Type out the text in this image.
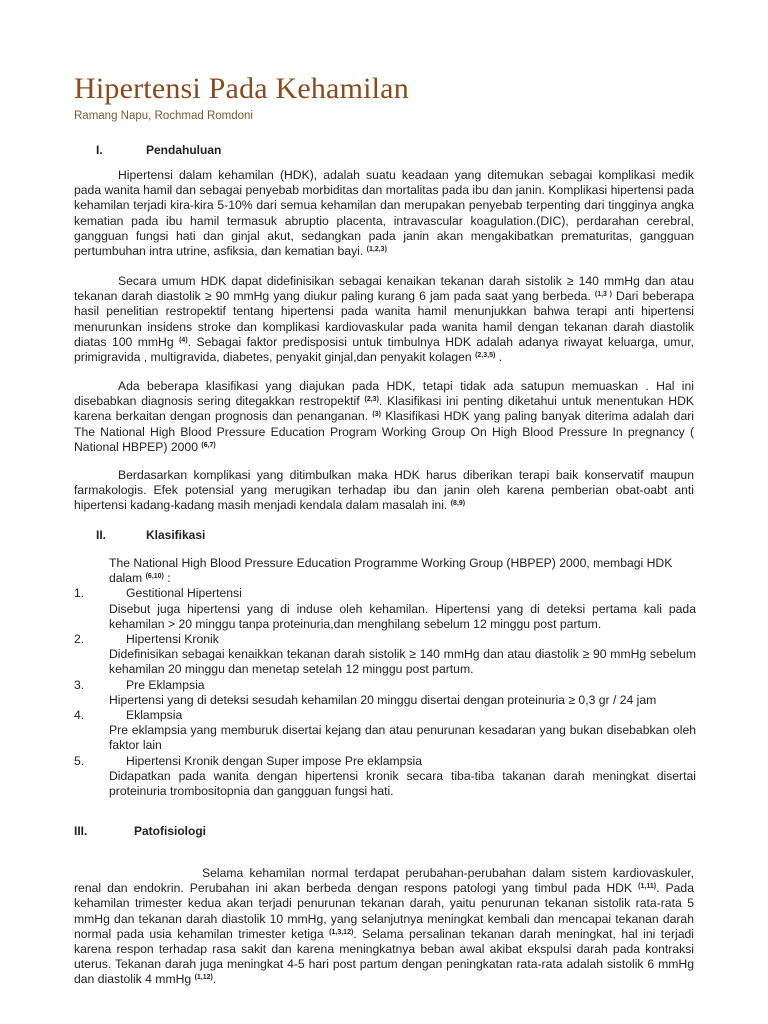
Hipertensi Pada Kehamilan
Ramang Napu, Rochmad Romdoni
I.	Pendahuluan

Hipertensi dalam kehamilan (HDK), adalah suatu keadaan yang ditemukan sebagai komplikasi medik pada wanita hamil dan sebagai penyebab morbiditas dan mortalitas pada ibu dan janin. Komplikasi hipertensi pada kehamilan terjadi kira-kira 5-10% dari semua kehamilan dan merupakan penyebab terpenting dari tingginya angka kematian pada ibu hamil termasuk abruptio placenta, intravascular koagulation.(DIC), perdarahan cerebral, gangguan fungsi hati dan ginjal akut, sedangkan pada janin akan mengakibatkan prematuritas, gangguan pertumbuhan intra utrine, asfiksia, dan kematian bayi. $^{(1,2,3)}$

Secara umum HDK dapat didefinisikan sebagai kenaikan tekanan darah sistolik ≥ 140 mmHg dan atau tekanan darah diastolik ≥ 90 mmHg yang diukur paling kurang 6 jam pada saat yang berbeda. $^{(1,3 )}$ Dari beberapa hasil penelitian restropektif tentang hipertensi pada wanita hamil menunjukkan bahwa terapi anti hipertensi menurunkan insidens stroke dan komplikasi kardiovaskular pada wanita hamil dengan tekanan darah diastolik diatas 100 mmHg $^{(4)}$. Sebagai faktor predisposisi untuk timbulnya HDK adalah adanya riwayat keluarga, umur, primigravida , multigravida, diabetes, penyakit ginjal,dan penyakit kolagen $^{(2,3,5)}$ .

Ada beberapa klasifikasi yang diajukan pada HDK, tetapi tidak ada satupun memuaskan . Hal ini disebabkan diagnosis sering ditegakkan restropektif $^{(2,3)}$. Klasifikasi ini penting diketahui untuk menentukan HDK karena berkaitan dengan prognosis dan penanganan. $^{(3)}$ Klasifikasi HDK yang paling banyak diterima adalah dari The National High Blood Pressure Education Program Working Group On High Blood Pressure In pregnancy ( National HBPEP) 2000 $^{(6,7)}$

Berdasarkan komplikasi yang ditimbulkan maka HDK harus diberikan terapi baik konservatif maupun farmakologis. Efek potensial yang merugikan terhadap ibu dan janin oleh karena pemberian obat-oabt anti hipertensi kadang-kadang masih menjadi kendala dalam masalah ini. $^{(8,9)}$

II.	Klasifikasi

The National High Blood Pressure Education Programme Working Group (HBPEP) 2000, membagi HDK dalam $^{(6,10)}$ :

1.	Gestitional Hipertensi

Disebut juga hipertensi yang di induse oleh kehamilan. Hipertensi yang di deteksi pertama kali pada kehamilan > 20 minggu tanpa proteinuria,dan menghilang sebelum 12 minggu post partum.

2.	Hipertensi Kronik

Didefinisikan sebagai kenaikkan tekanan darah sistolik ≥ 140 mmHg dan atau diastolik ≥ 90 mmHg sebelum kehamilan 20 minggu dan menetap setelah 12 minggu post partum.

3.	Pre Eklampsia

Hipertensi yang di deteksi sesudah kehamilan 20 minggu disertai dengan proteinuria ≥ 0,3 gr / 24 jam

4.	Eklampsia

Pre eklampsia yang memburuk disertai kejang dan atau penurunan kesadaran yang bukan disebabkan oleh faktor lain

5.	Hipertensi Kronik dengan Super impose Pre eklampsia

Didapatkan pada wanita dengan hipertensi kronik secara tiba-tiba takanan darah meningkat disertai proteinuria trombositopnia dan gangguan fungsi hati.

III.	Patofisiologi

Selama kehamilan normal terdapat perubahan-perubahan dalam sistem kardiovaskuler, renal dan endokrin. Perubahan ini akan berbeda dengan respons patologi yang timbul pada HDK $^{(1,11)}$. Pada kehamilan trimester kedua akan terjadi penurunan tekanan darah, yaitu penurunan tekanan sistolik rata-rata 5 mmHg dan tekanan darah diastolik 10 mmHg, yang selanjutnya meningkat kembali dan mencapai tekanan darah normal pada usia kehamilan trimester ketiga $^{(1,3,12)}$. Selama persalinan tekanan darah meningkat, hal ini terjadi karena respon terhadap rasa sakit dan karena meningkatnya beban awal akibat ekspulsi darah pada kontraksi uterus. Tekanan darah juga meningkat 4-5 hari post partum dengan peningkatan rata-rata adalah sistolik 6 mmHg dan diastolik 4 mmHg $^{(1,12)}$.
